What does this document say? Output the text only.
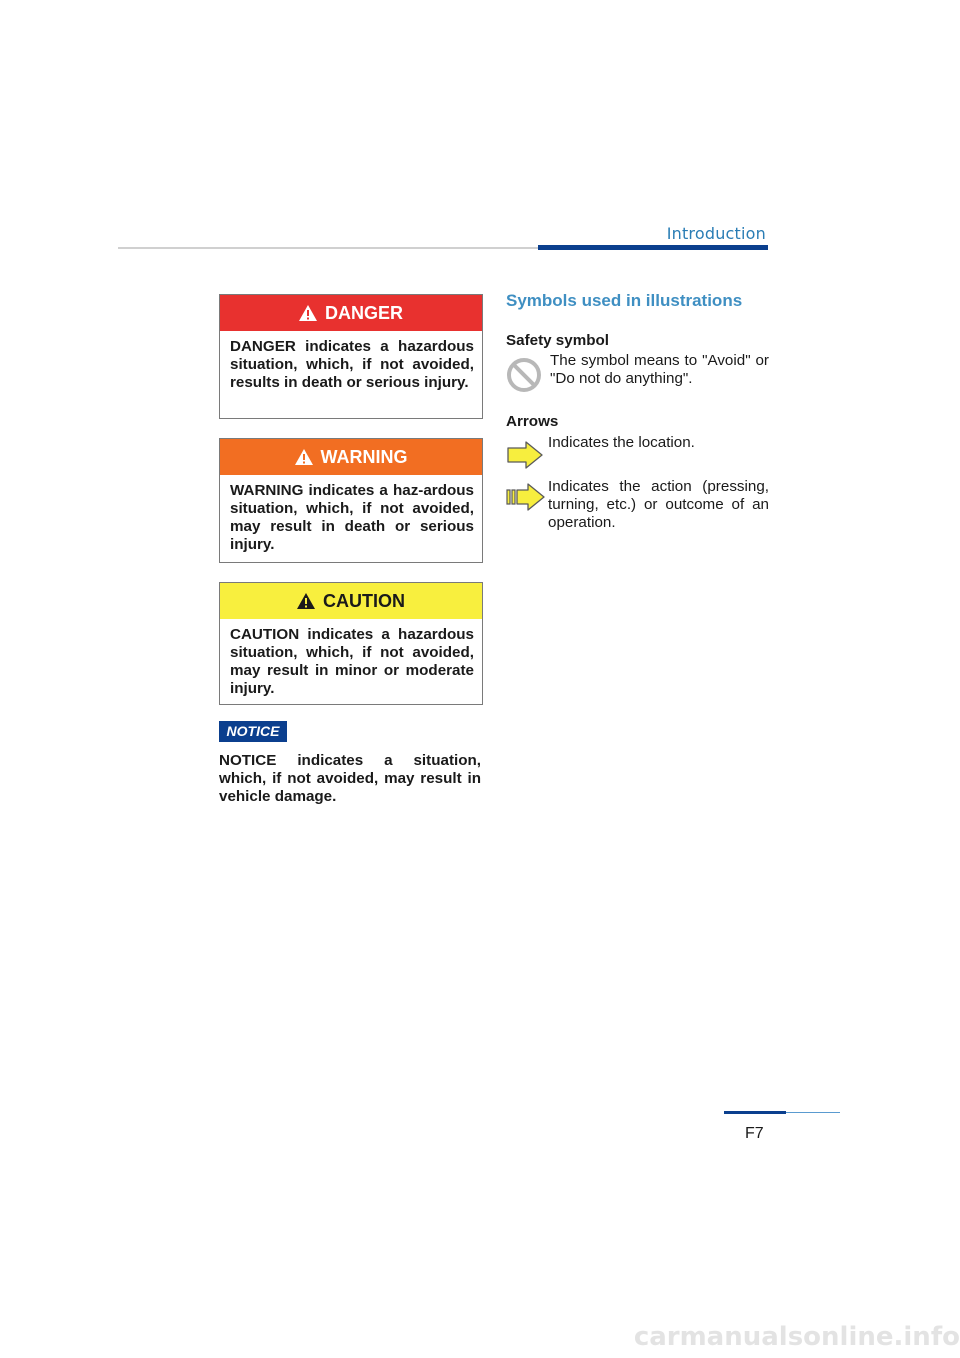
Introduction
DANGER
DANGER indicates a hazardous situation, which, if not avoided, results in death or serious injury.
WARNING
WARNING indicates a haz-ardous situation, which, if not avoided, may result in death or serious injury.
CAUTION
CAUTION indicates a hazardous situation, which, if not avoided, may result in minor or moderate injury.
NOTICE
NOTICE indicates a situation, which, if not avoided, may result in vehicle damage.
Symbols used in illustrations
Safety symbol
The symbol means to "Avoid" or "Do not do anything".
Arrows
Indicates the location.
Indicates the action (pressing, turning, etc.) or outcome of an operation.
F7
carmanualsonline.info
